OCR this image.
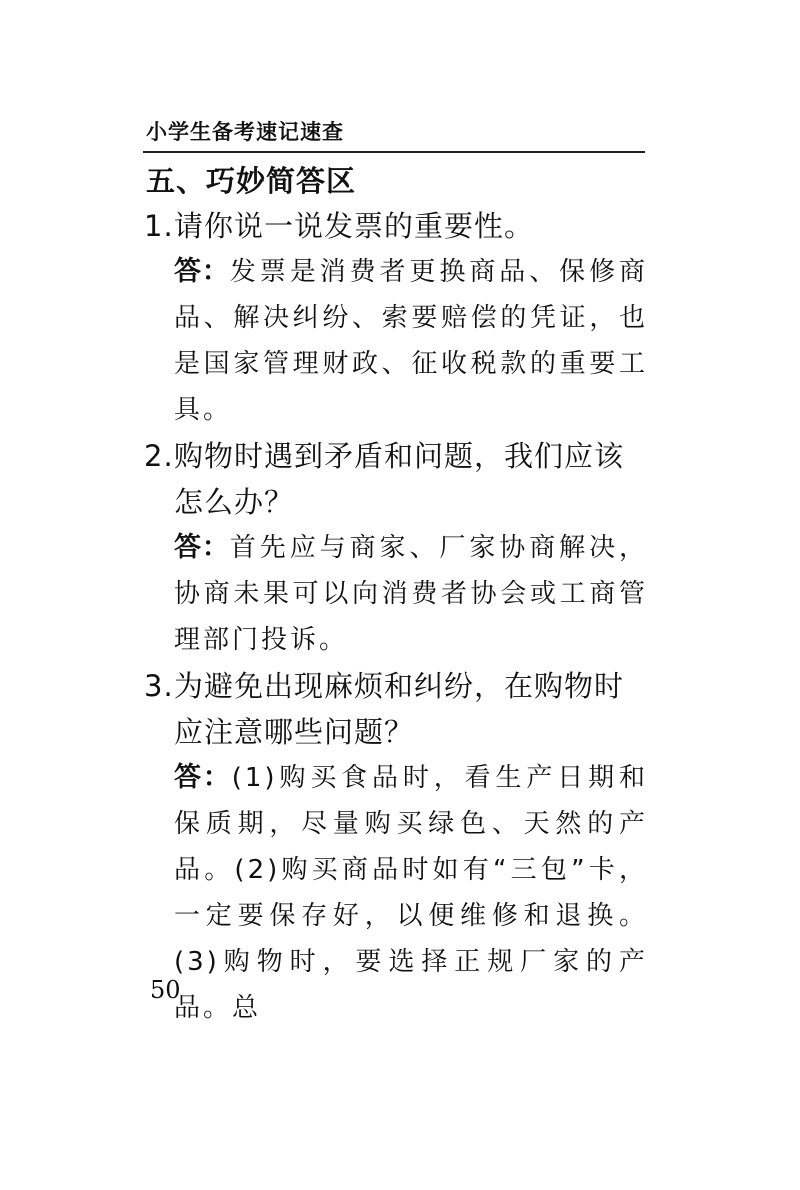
小学生备考速记速查
五、巧妙简答区
1. 请你说一说发票的重要性。
答：发票是消费者更换商品、保修商品、解决纠纷、索要赔偿的凭证，也是国家管理财政、征收税款的重要工具。
2. 购物时遇到矛盾和问题，我们应该怎么办？
答：首先应与商家、厂家协商解决，协商未果可以向消费者协会或工商管理部门投诉。
3. 为避免出现麻烦和纠纷，在购物时应注意哪些问题？
答：(1)购买食品时，看生产日期和保质期，尽量购买绿色、天然的产品。(2)购买商品时如有“三包”卡，一定要保存好，以便维修和退换。(3)购物时，要选择正规厂家的产品。总
50
